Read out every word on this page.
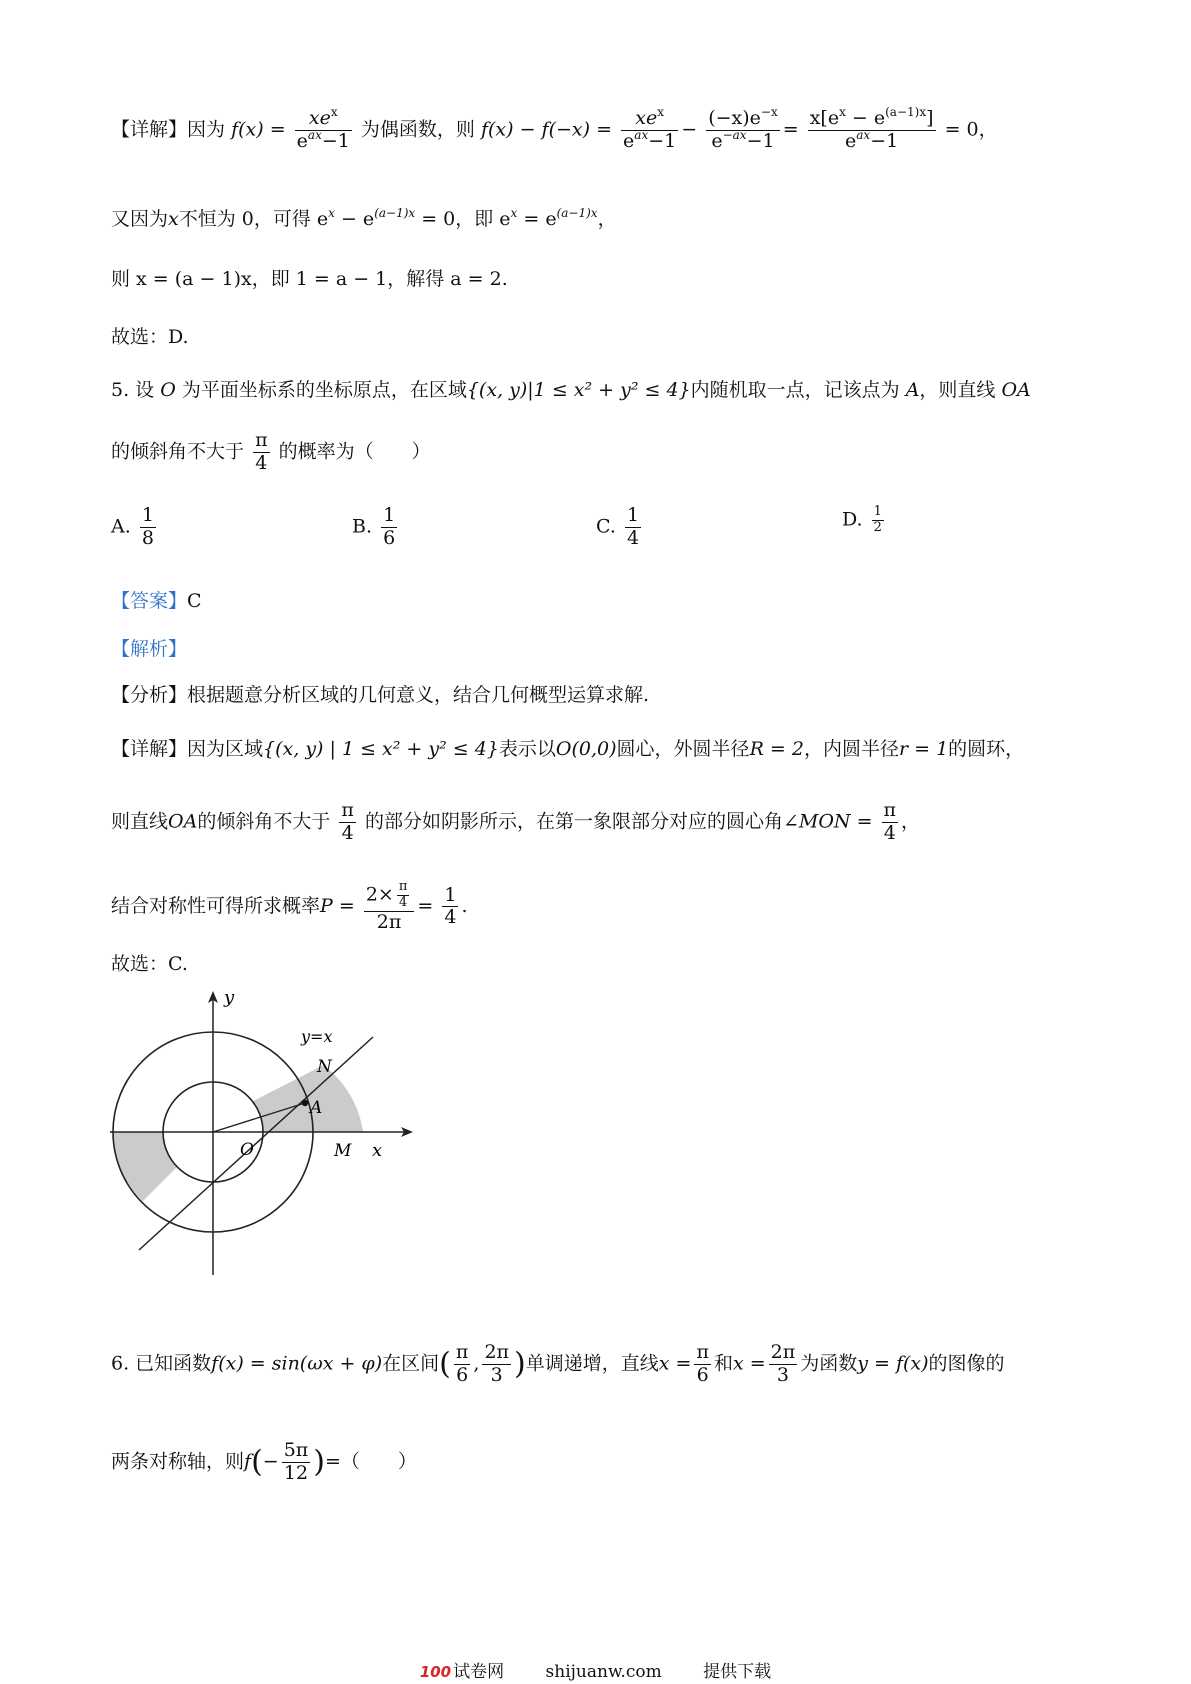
【详解】因为 $f(x) = \frac{xe^x}{e^{ax}-1}$ 为偶函数，则 $f(x) - f(-x) = \frac{xe^x}{e^{ax}-1} - \frac{(-x)e^{-x}}{e^{-ax}-1} = \frac{x[e^x - e^{(a-1)x}]}{e^{ax}-1} = 0$，
又因为x不恒为 0，可得 $e^x - e^{(a-1)x} = 0$，即 $e^x = e^{(a-1)x}$，
则 x = (a − 1)x，即 1 = a − 1，解得 a = 2.
故选：D.
5. 设 O 为平面坐标系的坐标原点，在区域{(x, y)|1 ≤ x² + y² ≤ 4}内随机取一点，记该点为 A，则直线 OA
的倾斜角不大于 $\frac{\pi}{4}$ 的概率为（　　）
A. $\frac{1}{8}$	B. $\frac{1}{6}$	C. $\frac{1}{4}$	D. $\frac{1}{2}$
【答案】C
【解析】
【分析】根据题意分析区域的几何意义，结合几何概型运算求解.
【详解】因为区域{(x, y) | 1 ≤ x² + y² ≤ 4}表示以O(0,0)圆心，外圆半径R = 2，内圆半径r = 1的圆环，
则直线OA的倾斜角不大于 $\frac{\pi}{4}$ 的部分如阴影所示，在第一象限部分对应的圆心角∠MON = $\frac{\pi}{4}$ ，
结合对称性可得所求概率$P = \frac{2\times \frac{\pi}{4}}{2\pi} = \frac{1}{4}$ .
故选：C.
y
x
O	M
N
A
y=x
6. 已知函数f(x) = sin(ωx + φ)在区间( $\frac{\pi}{6}$ , $\frac{2\pi}{3}$ )单调递增，直线$x = \frac{\pi}{6}$ 和$x = \frac{2\pi}{3}$ 为函数y = f(x)的图像的
两条对称轴，则$f(- \frac{5\pi}{12}$ )=（　　）
100 试卷网 shijuanw.com 提供下载
